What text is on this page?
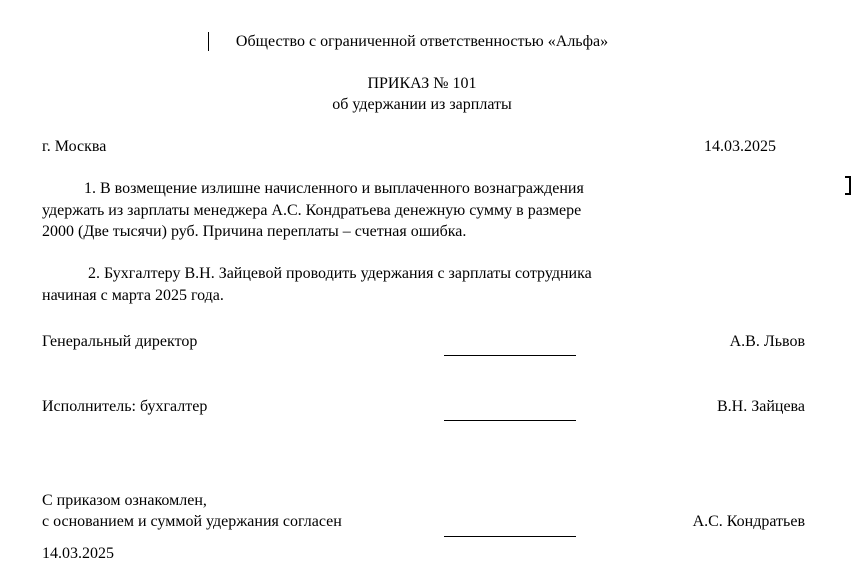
Общество с ограниченной ответственностью «Альфа»
ПРИКАЗ № 101
об удержании из зарплаты
г. Москва	14.03.2025
1. В возмещение излишне начисленного и выплаченного вознаграждения
удержать из зарплаты менеджера А.С. Кондратьева денежную сумму в размере
2000 (Две тысячи) руб. Причина переплаты – счетная ошибка.
2. Бухгалтеру В.Н. Зайцевой проводить удержания с зарплаты сотрудника
начиная с марта 2025 года.
Генеральный директор	А.В. Львов
Исполнитель: бухгалтер	В.Н. Зайцева
С приказом ознакомлен,
с основанием и суммой удержания согласен	А.С. Кондратьев
14.03.2025
